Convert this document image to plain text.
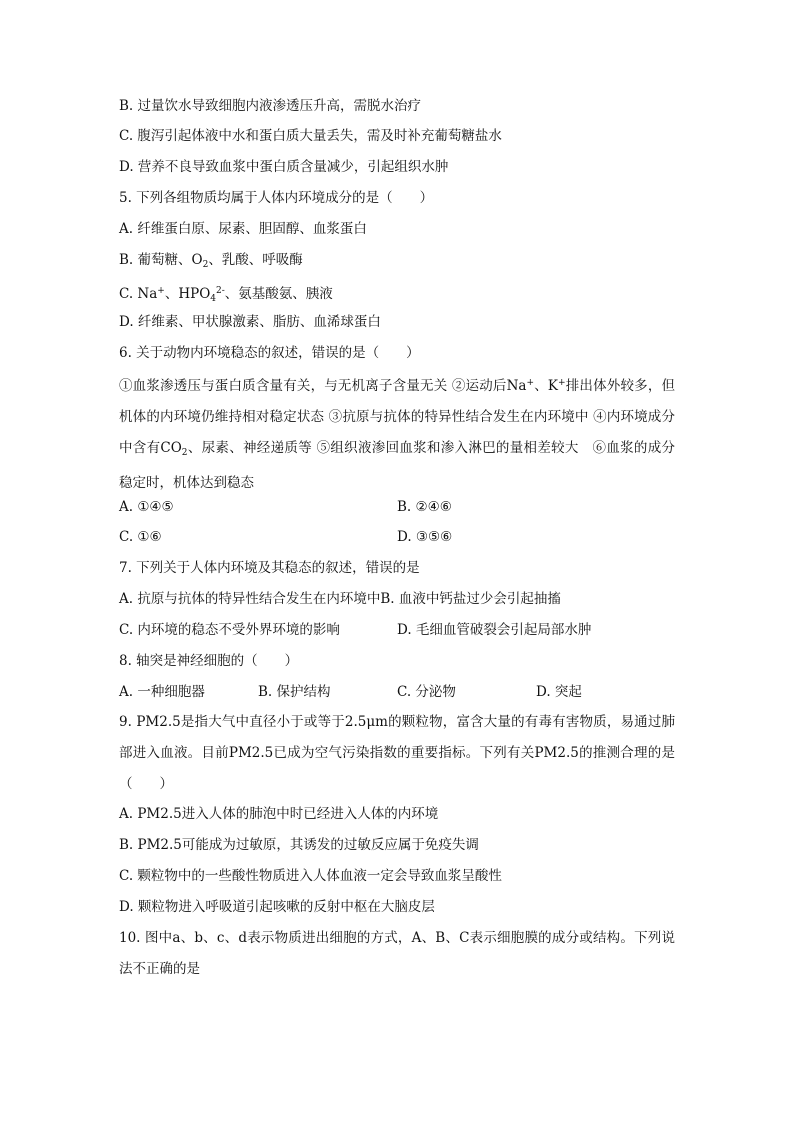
B. 过量饮水导致细胞内液渗透压升高，需脱水治疗
C. 腹泻引起体液中水和蛋白质大量丢失，需及时补充葡萄糖盐水
D. 营养不良导致血浆中蛋白质含量减少，引起组织水肿
5. 下列各组物质均属于人体内环境成分的是（　　）
A. 纤维蛋白原、尿素、胆固醇、血浆蛋白
B. 葡萄糖、$O_2$、乳酸、呼吸酶
C. Na+、$HPO_4^{2-}$、氨基酸氨、胰液
D. 纤维素、甲状腺激素、脂肪、血浠球蛋白
6. 关于动物内环境稳态的叙述，错误的是（　　）
①血浆渗透压与蛋白质含量有关，与无机离子含量无关 ②运动后Na+、K+排出体外较多，但机体的内环境仍维持相对稳定状态 ③抗原与抗体的特异性结合发生在内环境中 ④内环境成分中含有$CO_2$、尿素、神经递质等 ⑤组织液渗回血浆和渗入淋巴的量相差较大　⑥血浆的成分稳定时，机体达到稳态
A. ①④⑤	B. ②④⑥
C. ①⑥	D. ③⑤⑥
7. 下列关于人体内环境及其稳态的叙述，错误的是
A. 抗原与抗体的特异性结合发生在内环境中B. 血液中钙盐过少会引起抽搐
C. 内环境的稳态不受外界环境的影响	D. 毛细血管破裂会引起局部水肿
8. 轴突是神经细胞的（　　）
A. 一种细胞器	B. 保护结构	C. 分泌物	D. 突起
9. PM2.5是指大气中直径小于或等于2.5μm的颗粒物，富含大量的有毒有害物质，易通过肺部进入血液。目前PM2.5已成为空气污染指数的重要指标。下列有关PM2.5的推测合理的是（　　）
A. PM2.5进入人体的肺泡中时已经进入人体的内环境
B. PM2.5可能成为过敏原，其诱发的过敏反应属于免疫失调
C. 颗粒物中的一些酸性物质进入人体血液一定会导致血浆呈酸性
D. 颗粒物进入呼吸道引起咳嗽的反射中枢在大脑皮层
10. 图中a、b、c、d表示物质进出细胞的方式，A、B、C表示细胞膜的成分或结构。下列说法不正确的是
